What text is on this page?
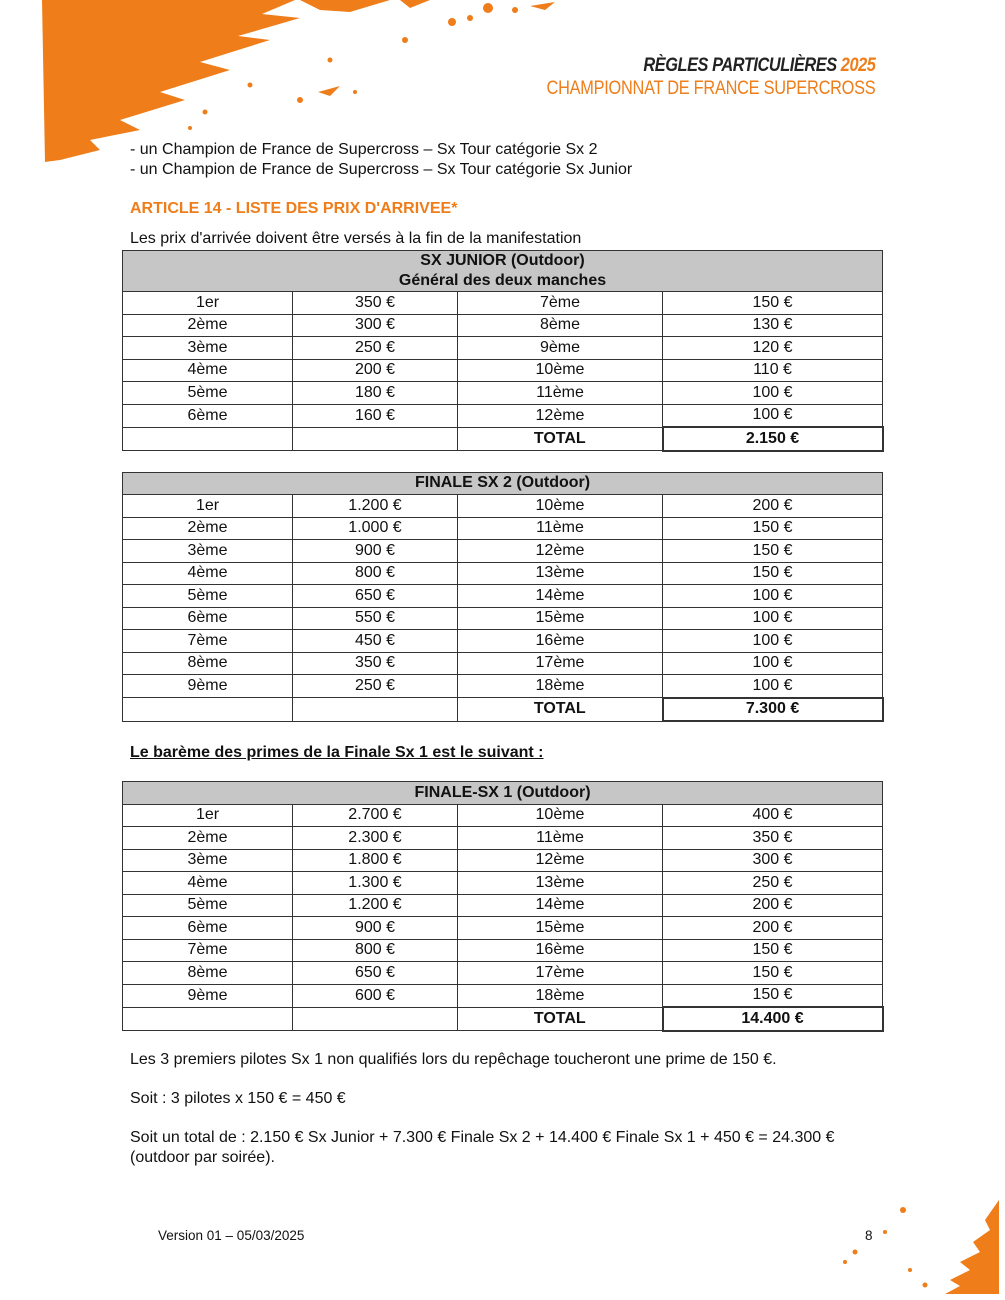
RÈGLES PARTICULIÈRES 2025
CHAMPIONNAT DE FRANCE SUPERCROSS
- un Champion de France de Supercross – Sx Tour catégorie Sx 2
- un Champion de France de Supercross – Sx Tour catégorie Sx Junior
ARTICLE 14 - LISTE DES PRIX D'ARRIVEE*
Les prix d'arrivée doivent être versés à la fin de la manifestation
SX JUNIOR (Outdoor)
Général des deux manches			

1er	350 €	7ème	150 €
2ème	300 €	8ème	130 €
3ème	250 €	9ème	120 €
4ème	200 €	10ème	110 €
5ème	180 €	11ème	100 €
6ème	160 €	12ème	100 €
		TOTAL	2.150 €
FINALE SX 2 (Outdoor)			
1er	1.200 €	10ème	200 €
2ème	1.000 €	11ème	150 €
3ème	900 €	12ème	150 €
4ème	800 €	13ème	150 €
5ème	650 €	14ème	100 €
6ème	550 €	15ème	100 €
7ème	450 €	16ème	100 €
8ème	350 €	17ème	100 €
9ème	250 €	18ème	100 €
		TOTAL	7.300 €
Le barème des primes de la Finale Sx 1 est le suivant :
FINALE-SX 1 (Outdoor)			
1er	2.700 €	10ème	400 €
2ème	2.300 €	11ème	350 €
3ème	1.800 €	12ème	300 €
4ème	1.300 €	13ème	250 €
5ème	1.200 €	14ème	200 €
6ème	900 €	15ème	200 €
7ème	800 €	16ème	150 €
8ème	650 €	17ème	150 €
9ème	600 €	18ème	150 €
		TOTAL	14.400 €
Les 3 premiers pilotes Sx 1 non qualifiés lors du repêchage toucheront une prime de 150 €.
Soit : 3 pilotes x 150 € = 450 €
Soit un total de : 2.150 € Sx Junior + 7.300 € Finale Sx 2 + 14.400 € Finale Sx 1 + 450 € = 24.300 €
(outdoor par soirée).
Version 01 – 05/03/2025	8
